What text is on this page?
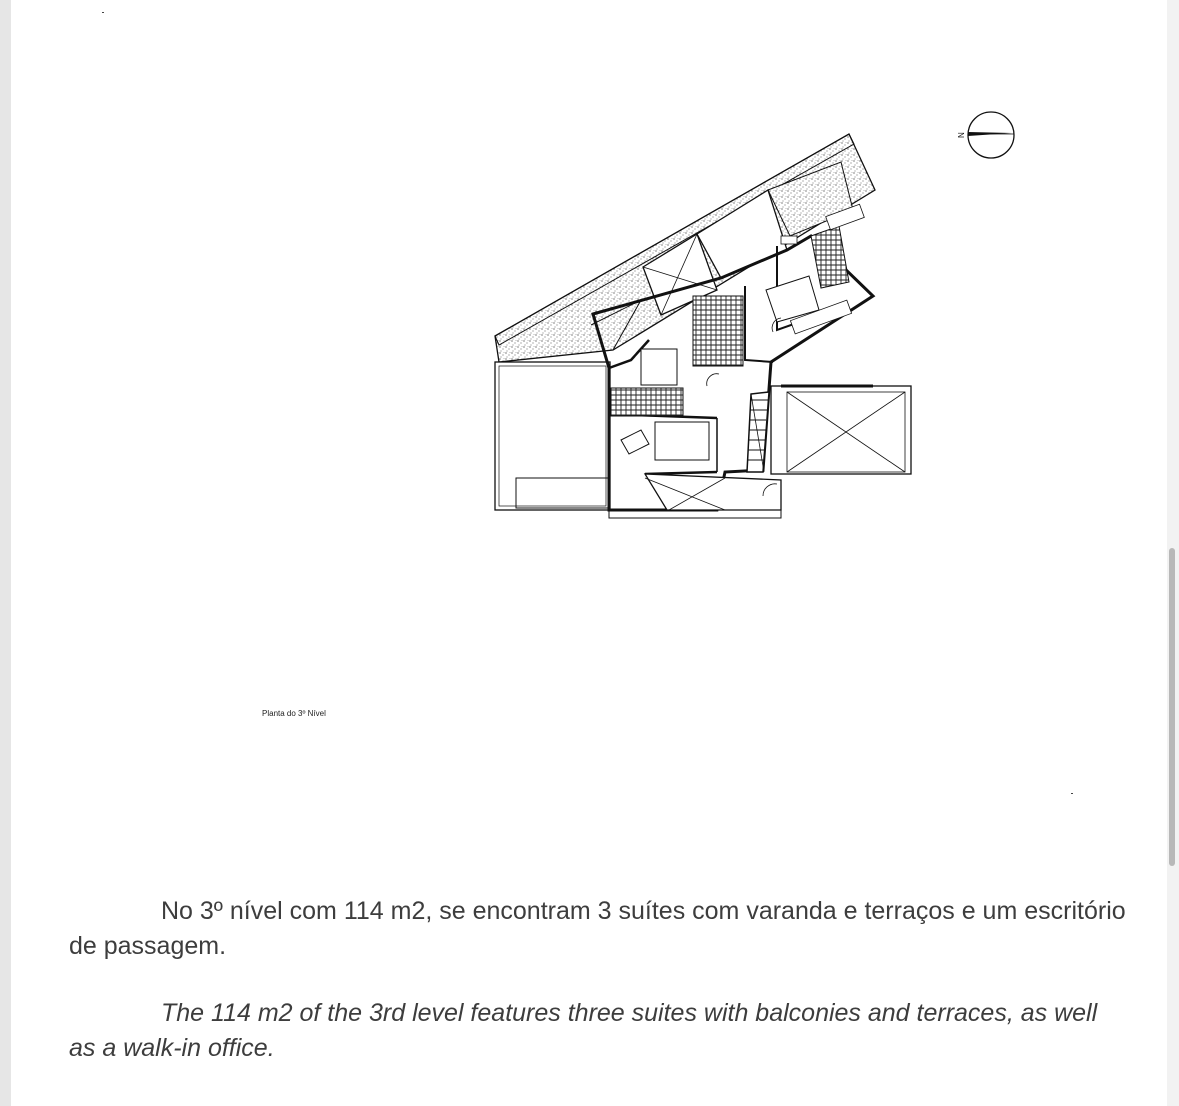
N
Planta do 3º Nível

No 3º nível com 114 m2, se encontram 3 suítes com varanda e terraços e um escritório de passagem.

The 114 m2 of the 3rd level features three suites with balconies and terraces, as well as a walk-in office.
